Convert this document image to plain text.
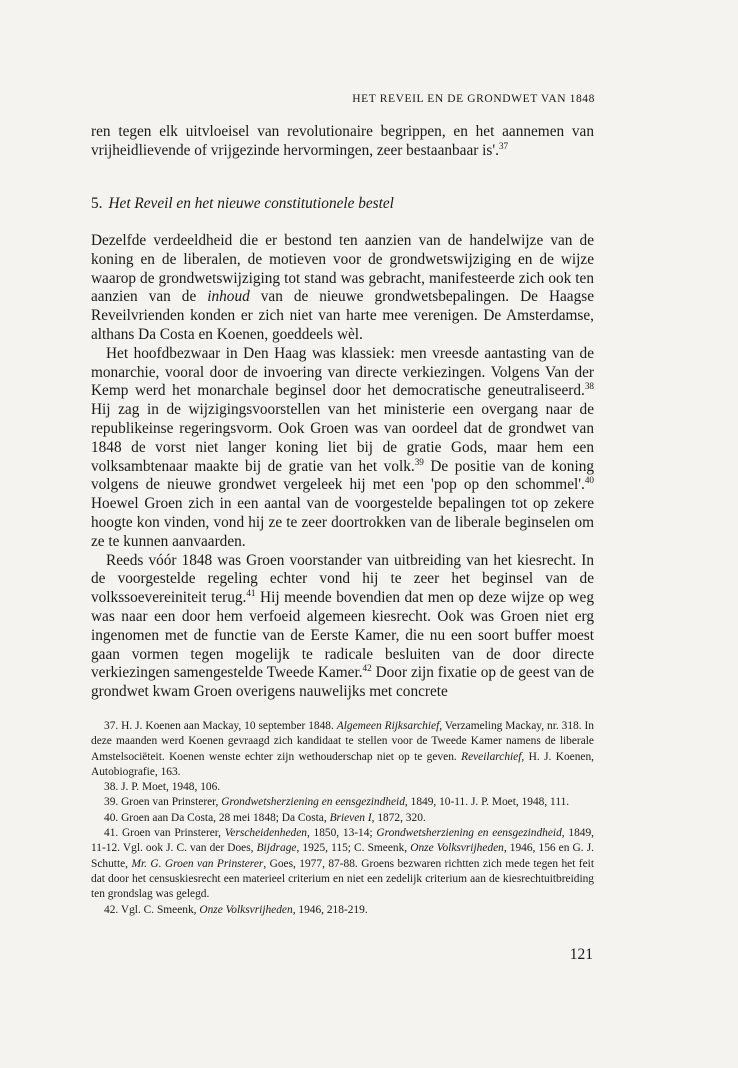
HET REVEIL EN DE GRONDWET VAN 1848

ren tegen elk uitvloeisel van revolutionaire begrippen, en het aannemen van vrijheidlievende of vrijgezinde hervormingen, zeer bestaanbaar is'.$^{37}$

5. Het Reveil en het nieuwe constitutionele bestel

Dezelfde verdeeldheid die er bestond ten aanzien van de handelwijze van de koning en de liberalen, de motieven voor de grondwetswijziging en de wijze waarop de grondwetswijziging tot stand was gebracht, manifesteerde zich ook ten aanzien van de inhoud van de nieuwe grondwetsbepalingen. De Haagse Reveilvrienden konden er zich niet van harte mee verenigen. De Amsterdamse, althans Da Costa en Koenen, goeddeels wèl.

Het hoofdbezwaar in Den Haag was klassiek: men vreesde aantasting van de monarchie, vooral door de invoering van directe verkiezingen. Volgens Van der Kemp werd het monarchale beginsel door het democratische geneutraliseerd.$^{38}$ Hij zag in de wijzigingsvoorstellen van het ministerie een overgang naar de republikeinse regeringsvorm. Ook Groen was van oordeel dat de grondwet van 1848 de vorst niet langer koning liet bij de gratie Gods, maar hem een volksambtenaar maakte bij de gratie van het volk.$^{39}$ De positie van de koning volgens de nieuwe grondwet vergeleek hij met een 'pop op den schommel'.$^{40}$ Hoewel Groen zich in een aantal van de voorgestelde bepalingen tot op zekere hoogte kon vinden, vond hij ze te zeer doortrokken van de liberale beginselen om ze te kunnen aanvaarden.

Reeds vóór 1848 was Groen voorstander van uitbreiding van het kiesrecht. In de voorgestelde regeling echter vond hij te zeer het beginsel van de volkssoevereiniteit terug.$^{41}$ Hij meende bovendien dat men op deze wijze op weg was naar een door hem verfoeid algemeen kiesrecht. Ook was Groen niet erg ingenomen met de functie van de Eerste Kamer, die nu een soort buffer moest gaan vormen tegen mogelijk te radicale besluiten van de door directe verkiezingen samengestelde Tweede Kamer.$^{42}$ Door zijn fixatie op de geest van de grondwet kwam Groen overigens nauwelijks met concrete

37. H. J. Koenen aan Mackay, 10 september 1848. Algemeen Rijksarchief, Verzameling Mackay, nr. 318. In deze maanden werd Koenen gevraagd zich kandidaat te stellen voor de Tweede Kamer namens de liberale Amstelsociëteit. Koenen wenste echter zijn wethouderschap niet op te geven. Reveilarchief, H. J. Koenen, Autobiografie, 163.

38. J. P. Moet, 1948, 106.

39. Groen van Prinsterer, Grondwetsherziening en eensgezindheid, 1849, 10-11. J. P. Moet, 1948, 111.

40. Groen aan Da Costa, 28 mei 1848; Da Costa, Brieven I, 1872, 320.

41. Groen van Prinsterer, Verscheidenheden, 1850, 13-14; Grondwetsherziening en eensgezindheid, 1849, 11-12. Vgl. ook J. C. van der Does, Bijdrage, 1925, 115; C. Smeenk, Onze Volksvrijheden, 1946, 156 en G. J. Schutte, Mr. G. Groen van Prinsterer, Goes, 1977, 87-88. Groens bezwaren richtten zich mede tegen het feit dat door het censuskiesrecht een materieel criterium en niet een zedelijk criterium aan de kiesrechtuitbreiding ten grondslag was gelegd.

42. Vgl. C. Smeenk, Onze Volksvrijheden, 1946, 218-219.

121
